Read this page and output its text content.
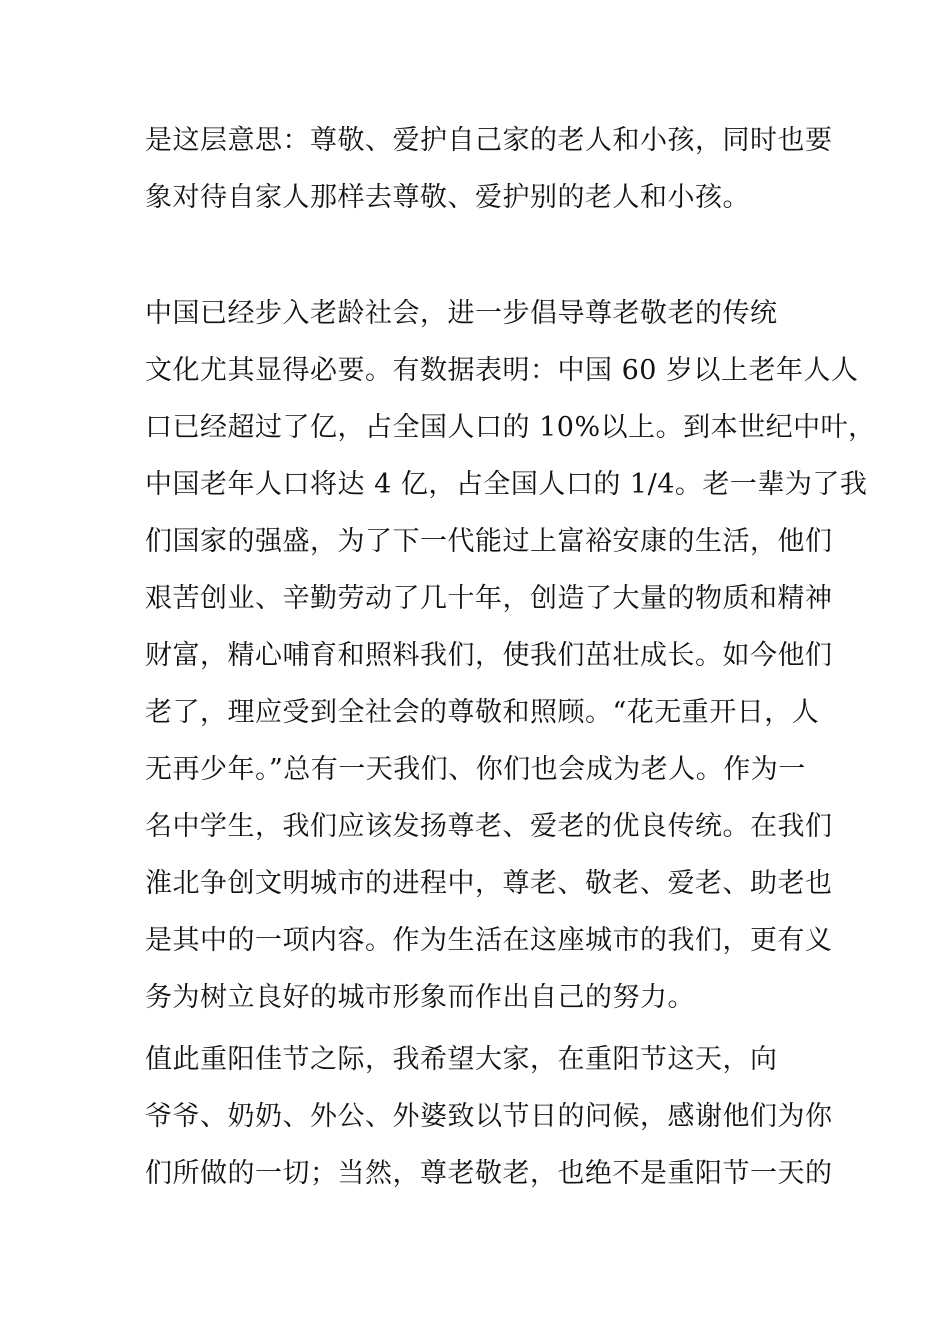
是这层意思：尊敬、爱护自己家的老人和小孩，同时也要
象对待自家人那样去尊敬、爱护别的老人和小孩。
中国已经步入老龄社会，进一步倡导尊老敬老的传统
文化尤其显得必要。有数据表明：中国 60 岁以上老年人人
口已经超过了亿，占全国人口的 10%以上。到本世纪中叶，
中国老年人口将达 4 亿，占全国人口的 1/4。老一辈为了我
们国家的强盛，为了下一代能过上富裕安康的生活，他们
艰苦创业、辛勤劳动了几十年，创造了大量的物质和精神
财富，精心哺育和照料我们，使我们茁壮成长。如今他们
老了，理应受到全社会的尊敬和照顾。“花无重开日，人
无再少年。”总有一天我们、你们也会成为老人。作为一
名中学生，我们应该发扬尊老、爱老的优良传统。在我们
淮北争创文明城市的进程中，尊老、敬老、爱老、助老也
是其中的一项内容。作为生活在这座城市的我们，更有义
务为树立良好的城市形象而作出自己的努力。
值此重阳佳节之际，我希望大家，在重阳节这天，向
爷爷、奶奶、外公、外婆致以节日的问候，感谢他们为你
们所做的一切；当然，尊老敬老，也绝不是重阳节一天的
